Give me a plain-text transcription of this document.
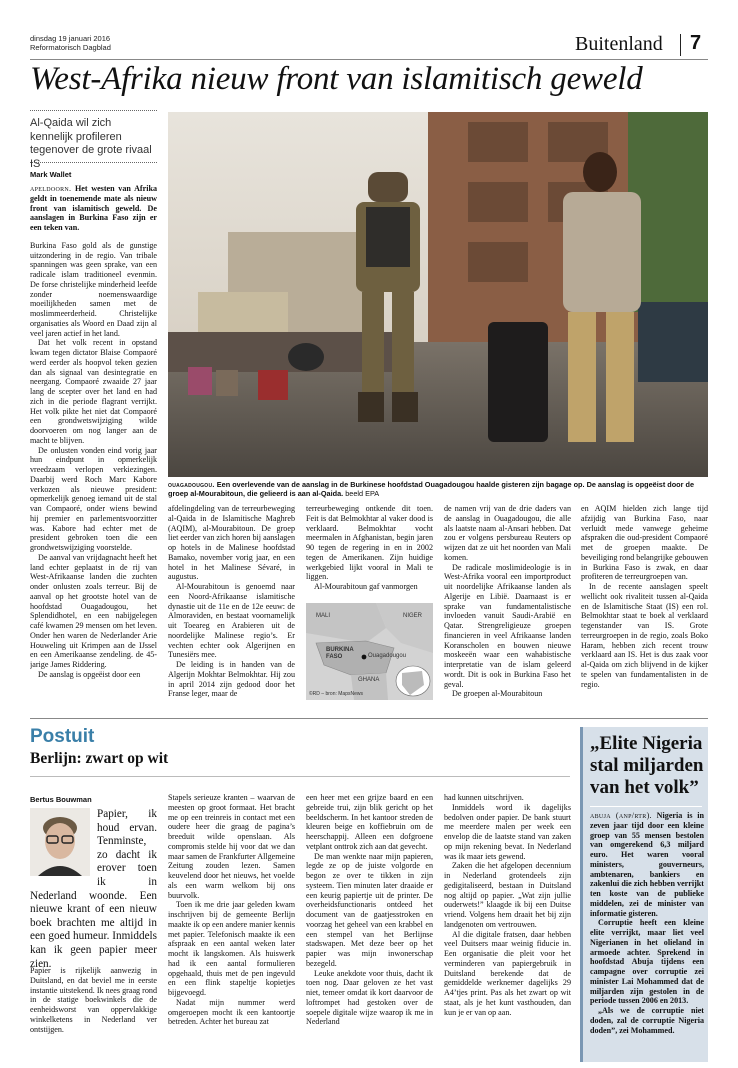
dinsdag 19 januari 2016
Reformatorisch Dagblad	Buitenland 7
West-Afrika nieuw front van islamitisch geweld
Al-Qaida wil zich kennelijk profileren tegenover de grote rivaal IS
Mark Wallet

apeldoorn. Het westen van Afrika geldt in toenemende mate als nieuw front van islamitisch geweld. De aanslagen in Burkina Faso zijn er een teken van.

Burkina Faso gold als de gunstige uitzondering in de regio. Van tribale spanningen was geen sprake, van een radicale islam traditioneel evenmin. De forse christelijke minderheid leefde zonder noemenswaardige moeilijkheden samen met de moslimmeerderheid. Christelijke organisaties als Woord en Daad zijn al veel jaren actief in het land.

Dat het volk recent in opstand kwam tegen dictator Blaise Compaoré werd eerder als hoopvol teken gezien dan als signaal van desintegratie en neergang. Compaoré zwaaide 27 jaar lang de scepter over het land en had zich in die periode flagrant verrijkt. Het volk pikte het niet dat Compaoré een grondwetswijziging wilde doorvoeren om nog langer aan de macht te blijven.

De onlusten vonden eind vorig jaar hun eindpunt in opmerkelijk vreedzaam verlopen verkiezingen. Daarbij werd Roch Marc Kabore verkozen als nieuwe president: opmerkelijk genoeg iemand uit de stal van Compaoré, onder wiens bewind hij premier en parlementsvoorzitter was. Kabore had echter met de president gebroken toen die een grondwetswijziging voorstelde.

De aanval van vrijdagnacht heeft het land echter geplaatst in de rij van West-Afrikaanse landen die zuchten onder onlusten zoals terreur. Bij de aanval op het grootste hotel van de hoofdstad Ouagadougou, het Splendidhotel, en een nabijgelegen café kwamen 29 mensen om het leven. Onder hen waren de Nederlander Arie Houweling uit Krimpen aan de IJssel en een Amerikaanse zendeling. de 45-jarige James Riddering.

De aanslag is opgeëist door een

ouagadougou. Een overlevende van de aanslag in de Burkinese hoofdstad Ouagadougou haalde gisteren zijn bagage op. De aanslag is opgeëist door de groep al-Mourabitoun, die gelieerd is aan al-Qaida. beeld EPA

afdelingdeling van de terreurbeweging al-Qaida in de Islamitische Maghreb (AQIM), al-Mourabitoun. De groep liet eerder van zich horen bij aanslagen op hotels in de Malinese hoofdstad Bamako, november vorig jaar, en een hotel in het Malinese Sévaré, in augustus.

Al-Mourabitoun is genoemd naar een Noord-Afrikaanse islamitische dynastie uit de 11e en de 12e eeuw: de Almoraviden, en bestaat voornamelijk uit Toeareg en Arabieren uit de noordelijke Malinese regio’s. Er vechten echter ook Algerijnen en Tunesiërs mee.

De leiding is in handen van de Algerijn Mokhtar Belmokhtar. Hij zou in april 2014 zijn gedood door het Franse leger, maar de

terreurbeweging ontkende dit toen. Feit is dat Belmokhtar al vaker dood is verklaard. Belmokhtar vocht meermalen in Afghanistan, begin jaren 90 tegen de regering in en in 2002 tegen de Amerikanen. Zijn huidige werkgebied lijkt vooral in Mali te liggen.

Al-Mourabitoun gaf vanmorgen

MALI	NIGER
BURKINA FASO	Ouagadougou
GHANA
©RD – bron: MapsNews

de namen vrij van de drie daders van de aanslag in Ouagadougou, die alle als laatste naam al-Ansari hebben. Dat zou er volgens persbureau Reuters op wijzen dat ze uit het noorden van Mali komen.

De radicale moslimideologie is in West-Afrika vooral een importproduct uit noordelijke Afrikaanse landen als Algerije en Libië. Daarnaast is er sprake van fundamentalistische invloeden vanuit Saudi-Arabië en Qatar. Strengreligieuze groepen financieren in veel Afrikaanse landen Koranscholen en bouwen nieuwe moskeeën waar een wahabistische interpretatie van de islam geleerd wordt. Dit is ook in Burkina Faso het geval.

De groepen al-Mourabitoun

en AQIM hielden zich lange tijd afzijdig van Burkina Faso, naar verluidt mede vanwege geheime afspraken die oud-president Compaoré met de groepen maakte. De beveiliging rond belangrijke gebouwen in Burkina Faso is zwak, en daar profiteren de terreurgroepen van.

In de recente aanslagen speelt wellicht ook rivaliteit tussen al-Qaida en de Islamitische Staat (IS) een rol. Belmokhtar staat te boek al verklaard tegenstander van IS. Grote terreurgroepen in de regio, zoals Boko Haram, hebben zich recent trouw verklaard aan IS. Het is dus zaak voor al-Qaida om zich blijvend in de kijker te spelen van fundamentalisten in de regio.

Postuit
Berlijn: zwart op wit
Bertus Bouwman
Papier, ik houd ervan. Tenminste, zo dacht ik erover toen ik in Nederland woonde. Een nieuwe krant of een nieuw boek brachten me altijd in een goed humeur. Inmiddels kan ik geen papier meer zien.

Papier is rijkelijk aanwezig in Duitsland, en dat beviel me in eerste instantie uitstekend. Ik nees graag rond in de statige boekwinkels die de eenheidsworst van oppervlakkige winkelketens in Nederland ver ontstijgen.

Stapels serieuze kranten – waarvan de meesten op groot formaat. Het bracht me op een treinreis in contact met een oudere heer die graag de pagina’s breeduit wilde openslaan. Als compromis stelde hij voor dat we dan maar samen de Frankfurter Allgemeine Zeitung zouden lezen. Samen keuvelend door het nieuws, het voelde als een warm welkom bij ons buurvolk.

Toen ik me drie jaar geleden kwam inschrijven bij de gemeente Berlijn maakte ik op een andere manier kennis met papier. Telefonisch maakte ik een afspraak en een aantal weken later mocht ik langskomen. Als huiswerk had ik een aantal formulieren opgehaald, thuis met de pen ingevuld en een flink stapeltje kopietjes bijgevoegd.

Nadat mijn nummer werd omgeroepen mocht ik een kantoortje betreden. Achter het bureau zat

een heer met een grijze baard en een gebreide trui, zijn blik gericht op het beeldscherm. In het kantoor streden de kleuren beige en koffiebruin om de heerschappij. Alleen een dofgroene vetplant onttrok zich aan dat gevecht.

De man wenkte naar mijn papieren, legde ze op de juiste volgorde en begon ze over te tikken in zijn systeem. Tien minuten later draaide er een keurig papiertje uit de printer. De overheidsfunctionaris ontdeed het document van de gaatjesstroken en voorzag het geheel van een krabbel en een stempel van het Berlijnse stadswapen. Met deze beer op het papier was mijn inwonerschap bezegeld.

Leuke anekdote voor thuis, dacht ik toen nog. Daar geloven ze het vast niet, temeer omdat ik kort daarvoor de loftrompet had gestoken over de soepele digitale wijze waarop ik me in Nederland

had kunnen uitschrijven.

Inmiddels word ik dagelijks bedolven onder papier. De bank stuurt me meerdere malen per week een envelop die de laatste stand van zaken op mijn rekening bevat. In Nederland was ik maar iets gewend.

Zaken die het afgelopen decennium in Nederland grotendeels zijn gedigitaliseerd, bestaan in Duitsland nog altijd op papier. „Wat zijn jullie ouderwets!” klaagde ik bij een Duitse vriend. Volgens hem draait het bij zijn landgenoten om vertrouwen.

Al die digitale fratsen, daar hebben veel Duitsers maar weinig fiducie in. Een organisatie die pleit voor het verminderen van papiergebruik in Duitsland berekende dat de gemiddelde werknemer dagelijks 29 A4’tjes print. Pas als het zwart op wit staat, als je het kunt vasthouden, dan kun je er van op aan.

„Elite Nigeria stal miljarden van het volk”

abuja (anp/rtr). Nigeria is in zeven jaar tijd door een kleine groep van 55 mensen bestolen van omgerekend 6,3 miljard euro. Het waren vooral ministers, gouverneurs, ambtenaren, bankiers en zakenlui die zich hebben verrijkt ten koste van de publieke middelen, zei de minister van informatie gisteren.

Corruptie heeft een kleine elite verrijkt, maar liet veel Nigerianen in het olieland in armoede achter. Sprekend in hoofdstad Abuja tijdens een campagne over corruptie zei minister Lai Mohammed dat de miljarden zijn gestolen in de periode tussen 2006 en 2013.

„Als we de corruptie niet doden, zal de corruptie Nigeria doden”, zei Mohammed.
